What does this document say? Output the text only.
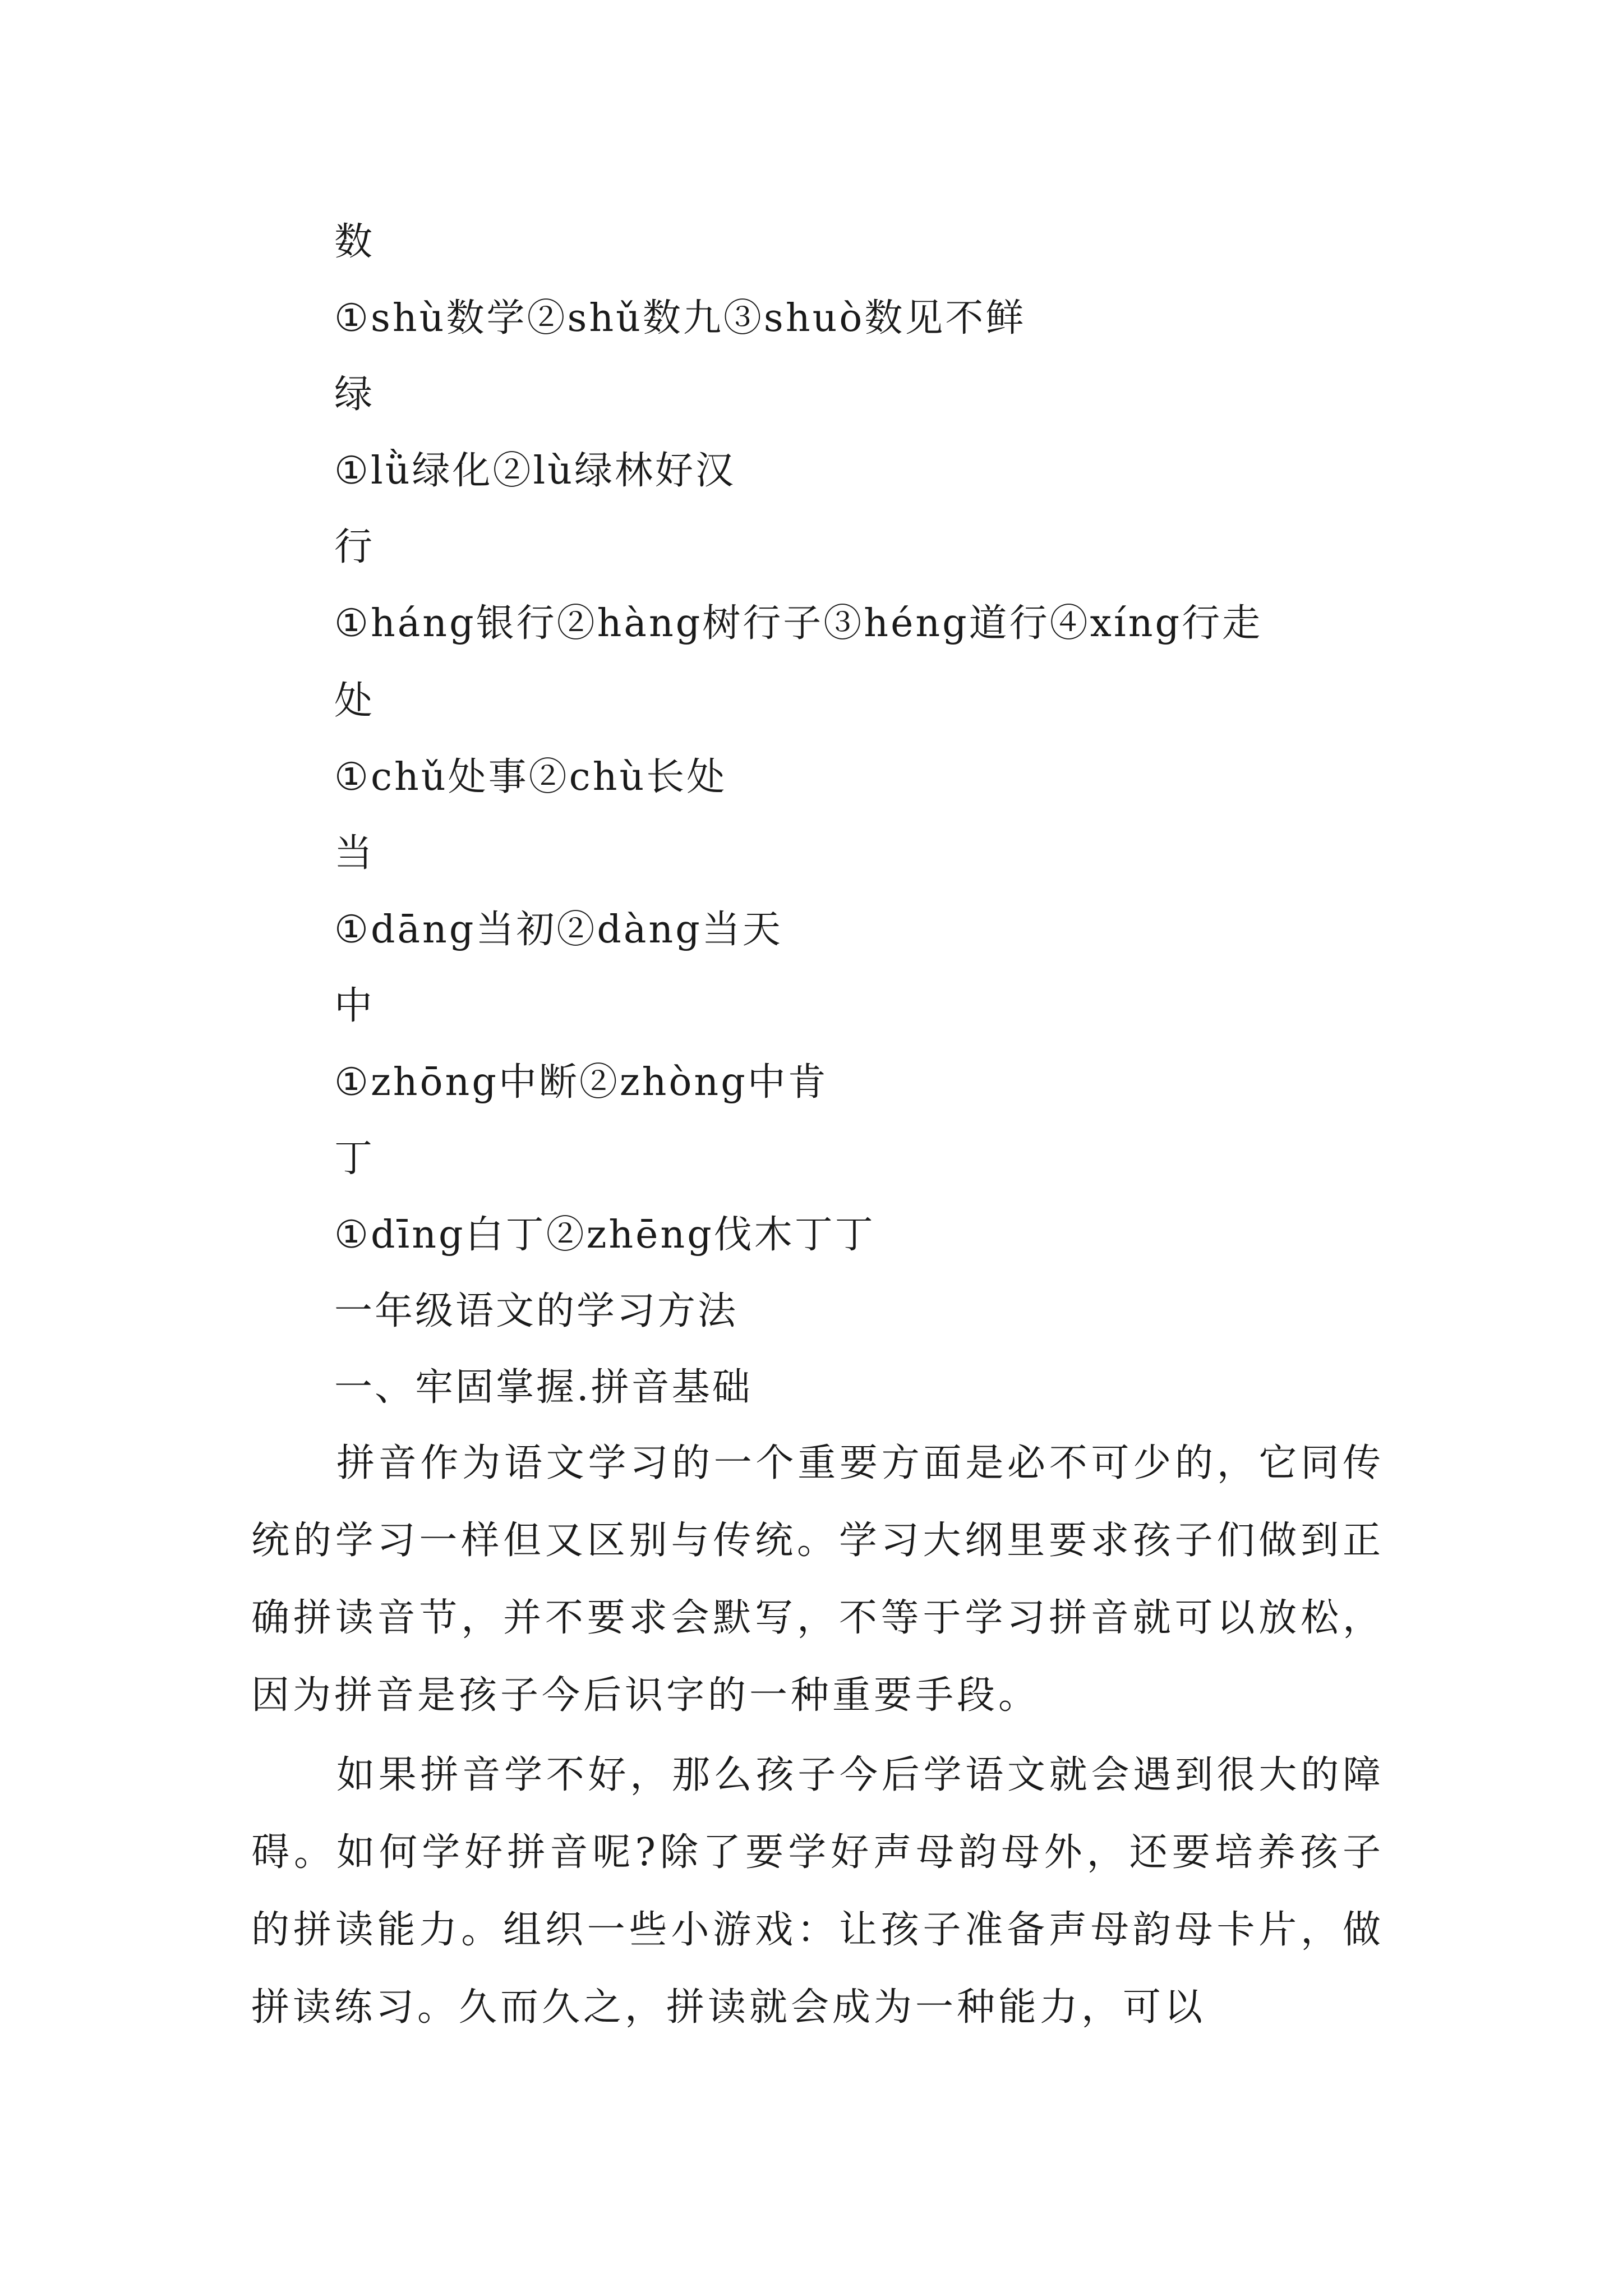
数
①shù数学②shǔ数九③shuò数见不鲜
绿
①lǜ绿化②lù绿林好汉
行
①háng银行②hàng树行子③héng道行④xíng行走
处
①chǔ处事②chù长处
当
①dāng当初②dàng当天
中
①zhōng中断②zhòng中肯
丁
①dīng白丁②zhēng伐木丁丁
一年级语文的学习方法
一、牢固掌握.拼音基础
拼音作为语文学习的一个重要方面是必不可少的，它同传统的学习一样但又区别与传统。学习大纲里要求孩子们做到正确拼读音节，并不要求会默写，不等于学习拼音就可以放松，因为拼音是孩子今后识字的一种重要手段。
如果拼音学不好，那么孩子今后学语文就会遇到很大的障碍。如何学好拼音呢?除了要学好声母韵母外，还要培养孩子的拼读能力。组织一些小游戏：让孩子准备声母韵母卡片，做拼读练习。久而久之，拼读就会成为一种能力，可以
